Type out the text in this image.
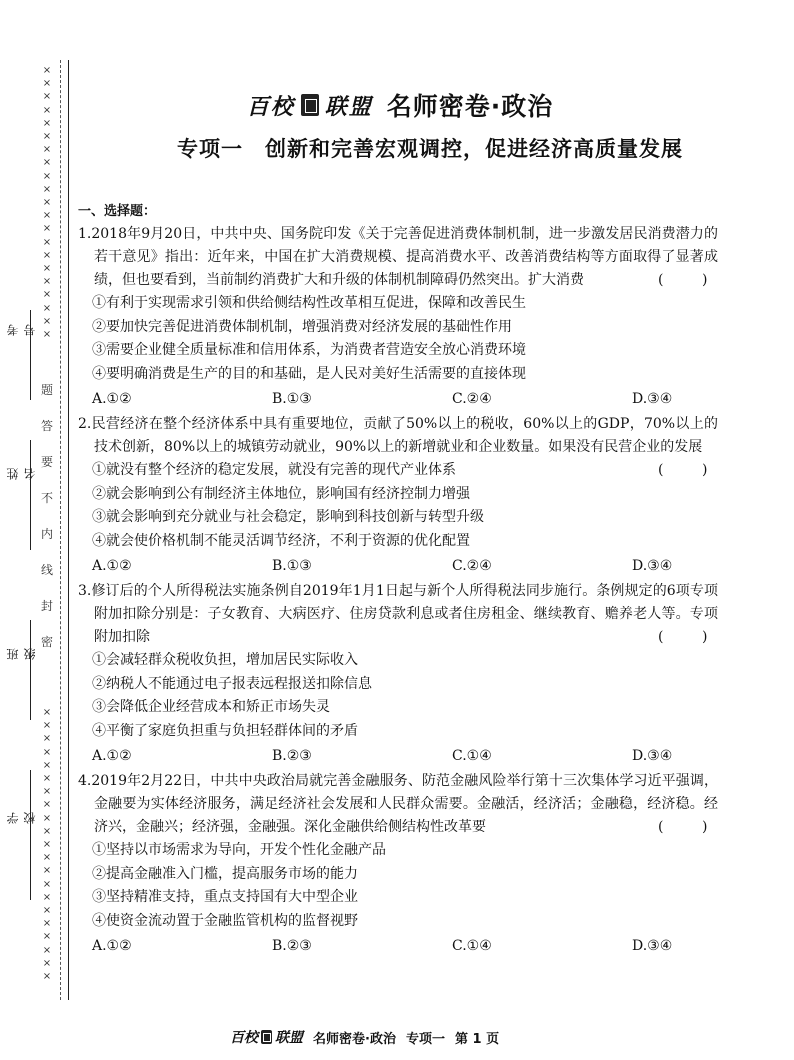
×
×
×
×
×
×
×
×
×
×
×
×
×
×
×
×
×
×
×
×
×
×
×
×
×
×
×
×
×
×
×
×
×
×
×
×
×
×
×
×
×
×
题
答
要
不
内
线
封
密
考号
姓名
班级
学校
百校 联盟 名师密卷·政治
专项一　创新和完善宏观调控，促进经济高质量发展
一、选择题：
1.2018年9月20日，中共中央、国务院印发《关于完善促进消费体制机制，进一步激发居民消费潜力的若干意见》指出：近年来，中国在扩大消费规模、提高消费水平、改善消费结构等方面取得了显著成绩，但也要看到，当前制约消费扩大和升级的体制机制障碍仍然突出。扩大消费	(	)
①有利于实现需求引领和供给侧结构性改革相互促进，保障和改善民生
②要加快完善促进消费体制机制，增强消费对经济发展的基础性作用
③需要企业健全质量标准和信用体系，为消费者营造安全放心消费环境
④要明确消费是生产的目的和基础，是人民对美好生活需要的直接体现
A.①②	B.①③	C.②④	D.③④
2.民营经济在整个经济体系中具有重要地位，贡献了50%以上的税收，60%以上的GDP，70%以上的技术创新，80%以上的城镇劳动就业，90%以上的新增就业和企业数量。如果没有民营企业的发展
(	)
①就没有整个经济的稳定发展，就没有完善的现代产业体系
②就会影响到公有制经济主体地位，影响国有经济控制力增强
③就会影响到充分就业与社会稳定，影响到科技创新与转型升级
④就会使价格机制不能灵活调节经济，不利于资源的优化配置
A.①②	B.①③	C.②④	D.③④
3.修订后的个人所得税法实施条例自2019年1月1日起与新个人所得税法同步施行。条例规定的6项专项附加扣除分别是：子女教育、大病医疗、住房贷款利息或者住房租金、继续教育、赡养老人等。专项附加扣除	(	)
①会减轻群众税收负担，增加居民实际收入
②纳税人不能通过电子报表远程报送扣除信息
③会降低企业经营成本和矫正市场失灵
④平衡了家庭负担重与负担轻群体间的矛盾
A.①②	B.②③	C.①④	D.③④
4.2019年2月22日，中共中央政治局就完善金融服务、防范金融风险举行第十三次集体学习近平强调，金融要为实体经济服务，满足经济社会发展和人民群众需要。金融活，经济活；金融稳，经济稳。经济兴，金融兴；经济强，金融强。深化金融供给侧结构性改革要	(	)
①坚持以市场需求为导向，开发个性化金融产品
②提高金融准入门槛，提高服务市场的能力
③坚持精准支持，重点支持国有大中型企业
④使资金流动置于金融监管机构的监督视野
A.①②	B.②③	C.①④	D.③④
百校 联盟 名师密卷·政治 专项一 第 1 页
